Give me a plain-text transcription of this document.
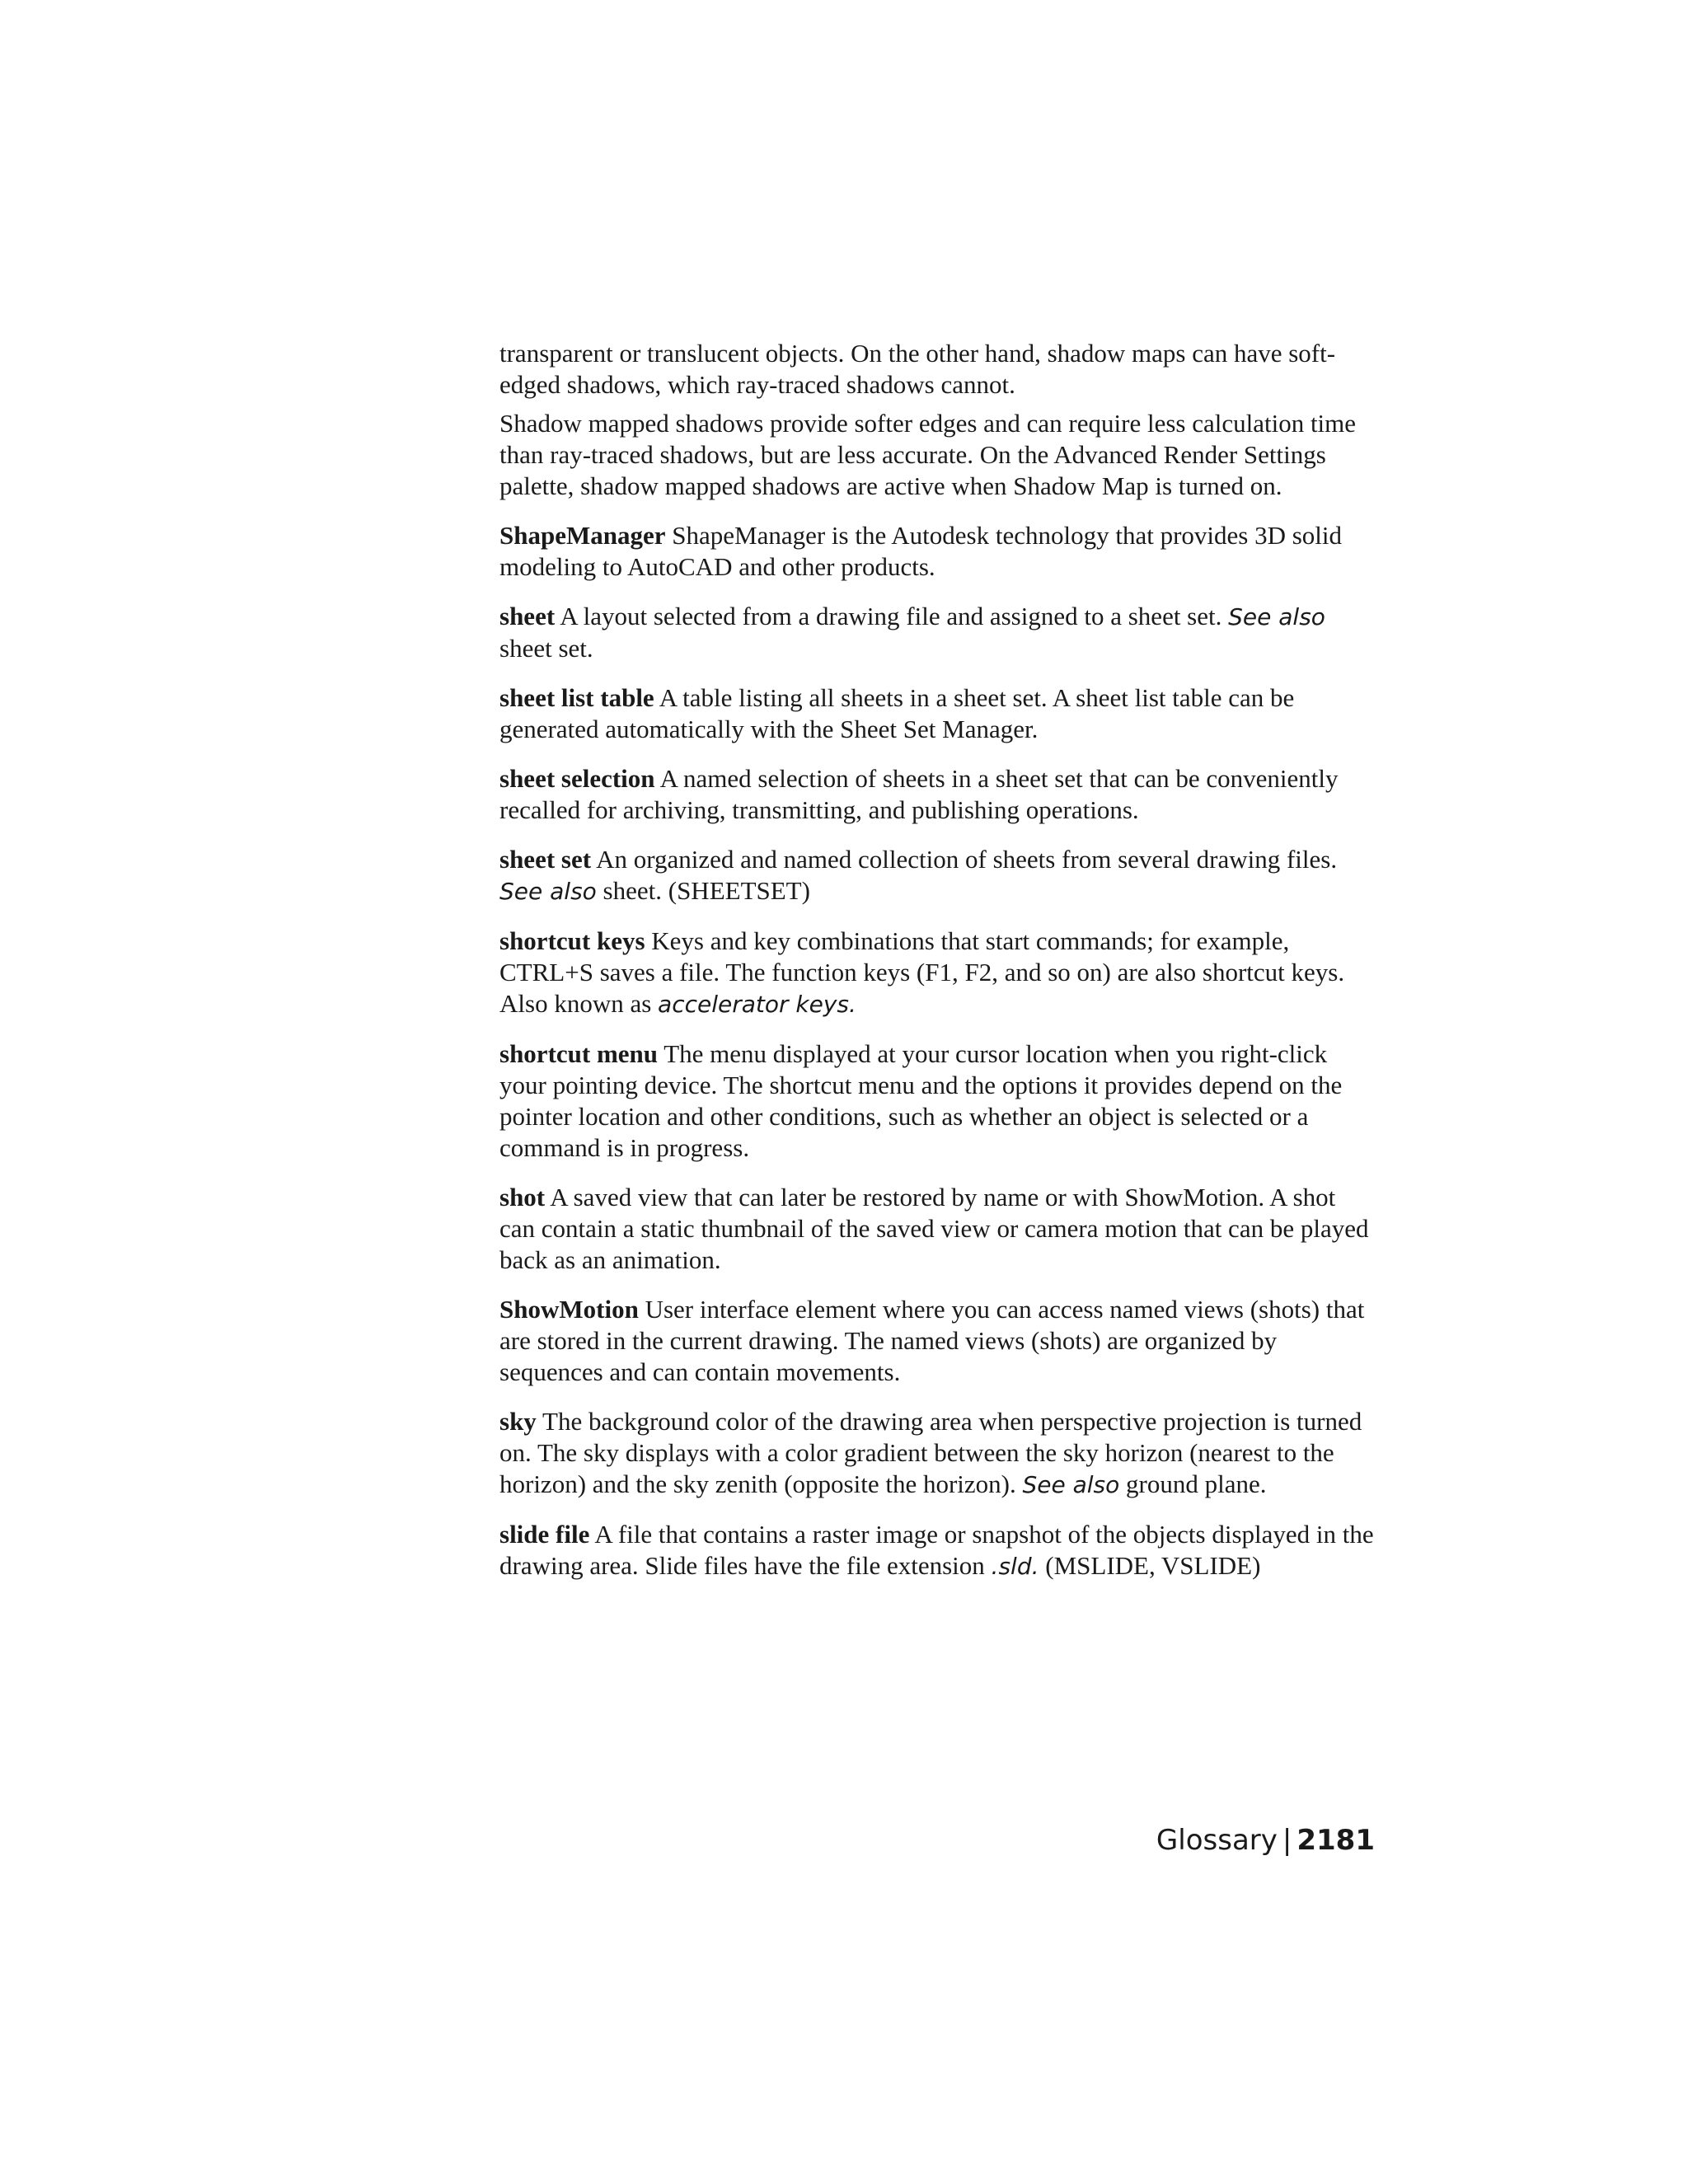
transparent or translucent objects. On the other hand, shadow maps can have soft-edged shadows, which ray-traced shadows cannot.

Shadow mapped shadows provide softer edges and can require less calculation time than ray-traced shadows, but are less accurate. On the Advanced Render Settings palette, shadow mapped shadows are active when Shadow Map is turned on.

ShapeManager ShapeManager is the Autodesk technology that provides 3D solid modeling to AutoCAD and other products.

sheet A layout selected from a drawing file and assigned to a sheet set. See also sheet set.

sheet list table A table listing all sheets in a sheet set. A sheet list table can be generated automatically with the Sheet Set Manager.

sheet selection A named selection of sheets in a sheet set that can be conveniently recalled for archiving, transmitting, and publishing operations.

sheet set An organized and named collection of sheets from several drawing files. See also sheet. (SHEETSET)

shortcut keys Keys and key combinations that start commands; for example, CTRL+S saves a file. The function keys (F1, F2, and so on) are also shortcut keys. Also known as accelerator keys.

shortcut menu The menu displayed at your cursor location when you right-click your pointing device. The shortcut menu and the options it provides depend on the pointer location and other conditions, such as whether an object is selected or a command is in progress.

shot A saved view that can later be restored by name or with ShowMotion. A shot can contain a static thumbnail of the saved view or camera motion that can be played back as an animation.

ShowMotion User interface element where you can access named views (shots) that are stored in the current drawing. The named views (shots) are organized by sequences and can contain movements.

sky The background color of the drawing area when perspective projection is turned on. The sky displays with a color gradient between the sky horizon (nearest to the horizon) and the sky zenith (opposite the horizon). See also ground plane.

slide file A file that contains a raster image or snapshot of the objects displayed in the drawing area. Slide files have the file extension .sld. (MSLIDE, VSLIDE)

Glossary | 2181
